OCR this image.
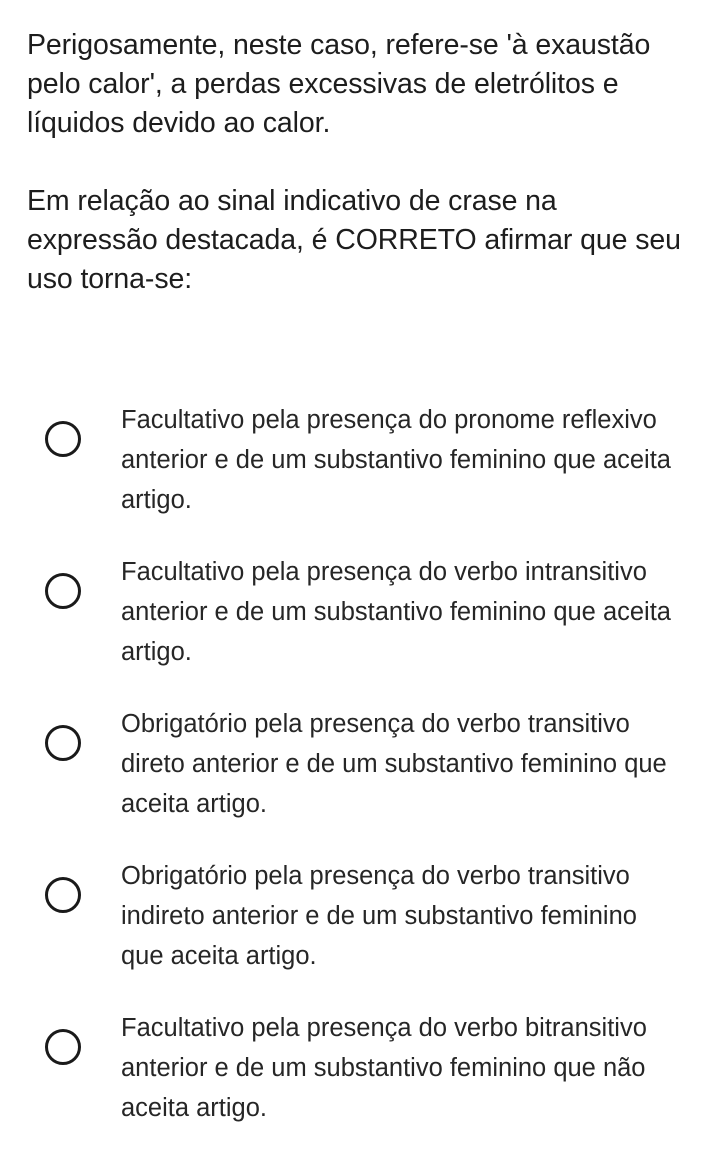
Perigosamente, neste caso, refere-se 'à exaustão pelo calor', a perdas excessivas de eletrólitos e líquidos devido ao calor.

Em relação ao sinal indicativo de crase na expressão destacada, é CORRETO afirmar que seu uso torna-se:

Facultativo pela presença do pronome reflexivo anterior e de um substantivo feminino que aceita artigo.
Facultativo pela presença do verbo intransitivo anterior e de um substantivo feminino que aceita artigo.
Obrigatório pela presença do verbo transitivo direto anterior e de um substantivo feminino que aceita artigo.
Obrigatório pela presença do verbo transitivo indireto anterior e de um substantivo feminino que aceita artigo.
Facultativo pela presença do verbo bitransitivo anterior e de um substantivo feminino que não aceita artigo.
